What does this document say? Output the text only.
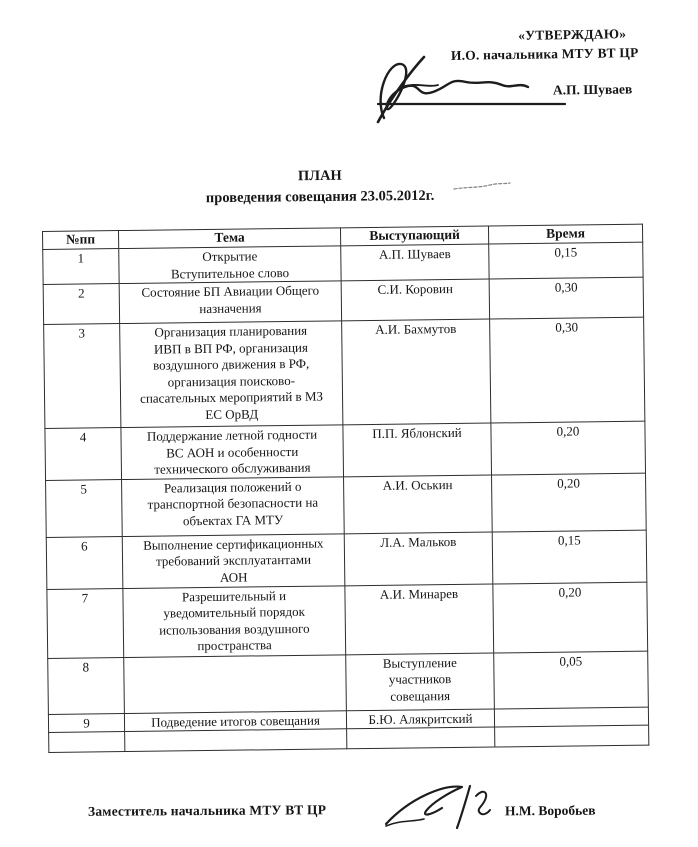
«УТВЕРЖДАЮ»
И.О. начальника МТУ ВТ ЦР
А.П. Шуваев
ПЛАН
проведения совещания 23.05.2012г.
№пп	Тема	Выступающий	Время
1	Открытие
Вступительное слово	А.П. Шуваев	0,15
2	Состояние БП Авиации Общего
назначения	С.И. Коровин	0,30
3	Организация планирования
ИВП в ВП РФ, организация
воздушного движения в РФ,
организация поисково-
спасательных мероприятий в МЗ
ЕС ОрВД	А.И. Бахмутов	0,30
4	Поддержание летной годности
ВС АОН и особенности
технического обслуживания	П.П. Яблонский	0,20
5	Реализация положений о
транспортной безопасности на
объектах ГА МТУ	А.И. Оськин	0,20
6	Выполнение сертификационных
требований эксплуатантами
АОН	Л.А. Мальков	0,15
7	Разрешительный и
уведомительный порядок
использования воздушного
пространства	А.И. Минарев	0,20
8		Выступление
участников
совещания	0,05
9	Подведение итогов совещания	Б.Ю. Алякритский	

Заместитель начальника МТУ ВТ ЦР	Н.М. Воробьев
